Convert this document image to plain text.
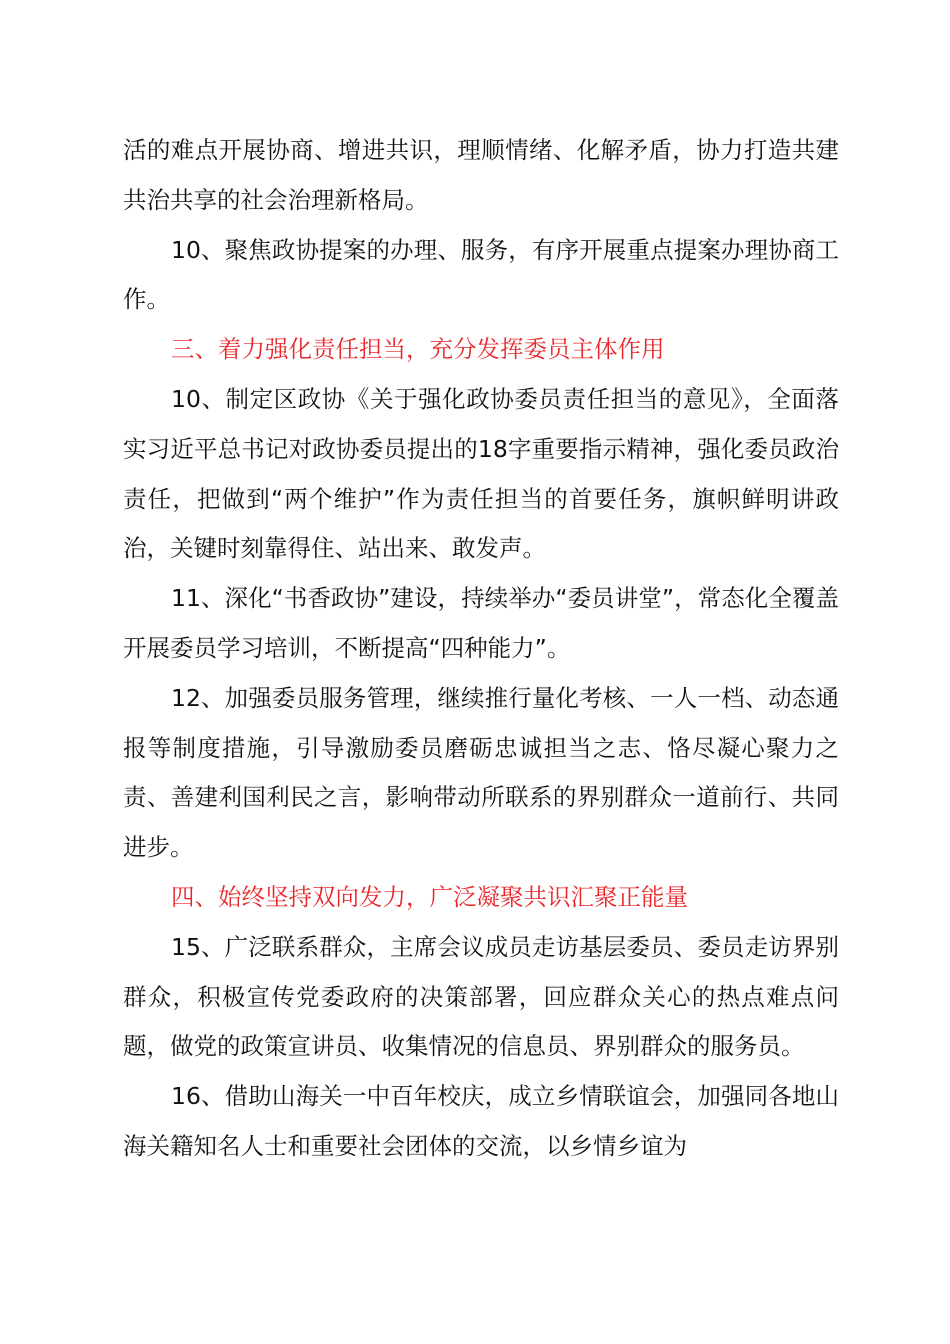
活的难点开展协商、增进共识，理顺情绪、化解矛盾，协力打造共建共治共享的社会治理新格局。

10、聚焦政协提案的办理、服务，有序开展重点提案办理协商工作。

三、着力强化责任担当，充分发挥委员主体作用

10、制定区政协《关于强化政协委员责任担当的意见》，全面落实习近平总书记对政协委员提出的18字重要指示精神，强化委员政治责任，把做到“两个维护”作为责任担当的首要任务，旗帜鲜明讲政治，关键时刻靠得住、站出来、敢发声。

11、深化“书香政协”建设，持续举办“委员讲堂”，常态化全覆盖开展委员学习培训，不断提高“四种能力”。

12、加强委员服务管理，继续推行量化考核、一人一档、动态通报等制度措施，引导激励委员磨砺忠诚担当之志、恪尽凝心聚力之责、善建利国利民之言，影响带动所联系的界别群众一道前行、共同进步。

四、始终坚持双向发力，广泛凝聚共识汇聚正能量

15、广泛联系群众，主席会议成员走访基层委员、委员走访界别群众，积极宣传党委政府的决策部署，回应群众关心的热点难点问题，做党的政策宣讲员、收集情况的信息员、界别群众的服务员。

16、借助山海关一中百年校庆，成立乡情联谊会，加强同各地山海关籍知名人士和重要社会团体的交流，以乡情乡谊为
